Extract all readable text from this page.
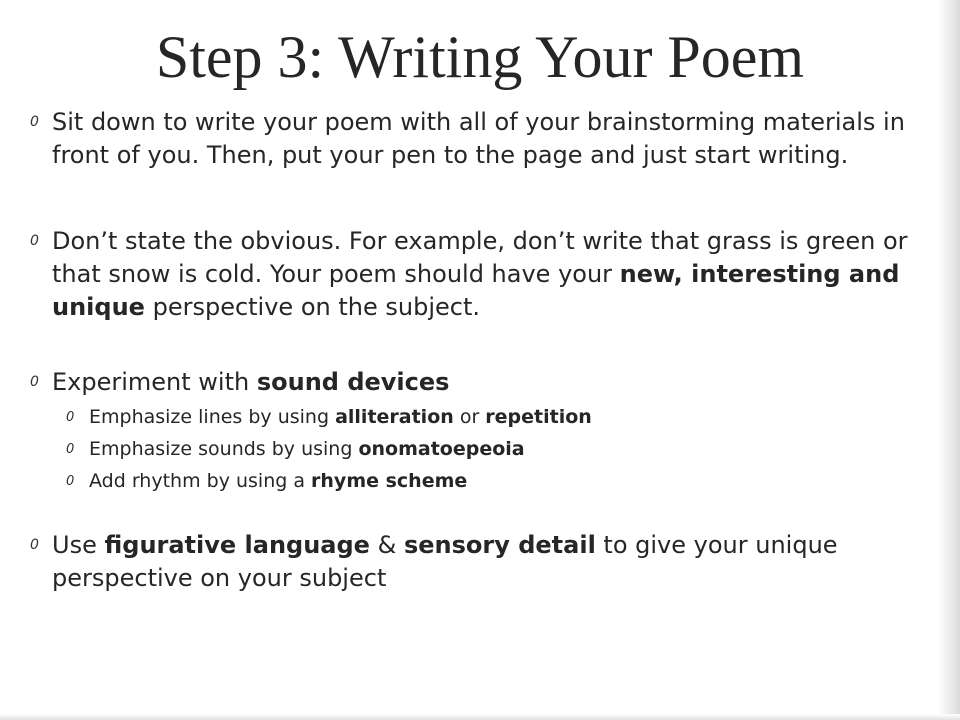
Step 3: Writing Your Poem
0 Sit down to write your poem with all of your brainstorming materials in front of you. Then, put your pen to the page and just start writing.
0 Don’t state the obvious. For example, don’t write that grass is green or that snow is cold. Your poem should have your new, interesting and unique perspective on the subject.
0 Experiment with sound devices
0 Emphasize lines by using alliteration or repetition
0 Emphasize sounds by using onomatoepeoia
0 Add rhythm by using a rhyme scheme
0 Use figurative language & sensory detail to give your unique perspective on your subject
